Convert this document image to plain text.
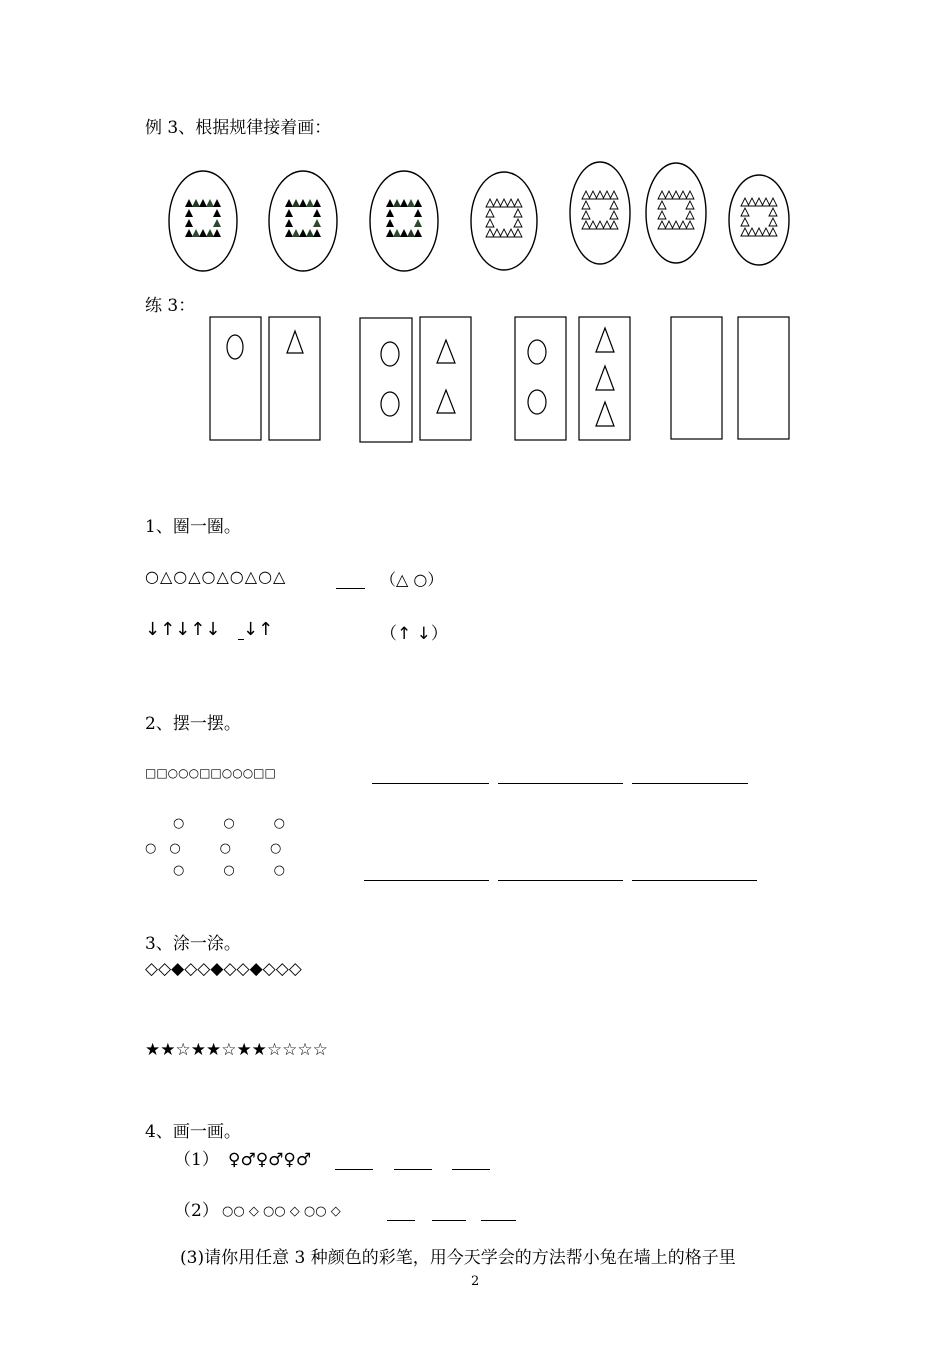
例 3、根据规律接着画：
练 3：
1、圈一圈。
○△○△○△○△○△	（△ ○）
↓↑↓↑↓ ↓↑	（↑ ↓）
2、摆一摆。
□□○○○□□○○○□□
○　　　○　　　○
○　○　　　○　　　○
○　　　○　　　○
3、涂一涂。
◇◇◆◇◇◆◇◇◆◇◇◇
★★☆★★☆★★☆☆☆☆
4、画一画。
（1） ♀♂♀♂♀♂
（2） ○○ ◇ ○○ ◇ ○○ ◇
(3)请你用任意 3 种颜色的彩笔，用今天学会的方法帮小兔在墙上的格子里
2
